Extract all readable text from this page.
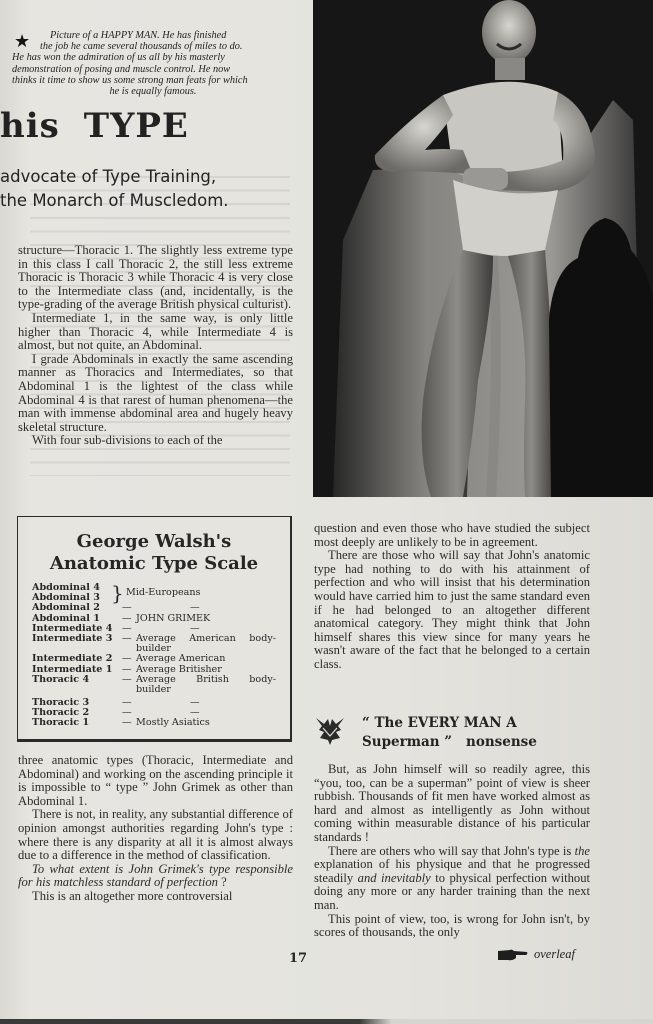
★	Picture of a HAPPY MAN. He has finished
the job he came several thousands of miles to do.
He has won the admiration of us all by his masterly
demonstration of posing and muscle control. He now
thinks it time to show us some strong man feats for which
he is equally famous.
his TYPE
advocate of Type Training,
the Monarch of Muscledom.

structure—Thoracic 1. The slightly less extreme type in this class I call Thoracic 2, the still less extreme Thoracic is Thoracic 3 while Thoracic 4 is very close to the Intermediate class (and, incidentally, is the type-grading of the average British physical culturist).

Intermediate 1, in the same way, is only little higher than Thoracic 4, while Intermediate 4 is almost, but not quite, an Abdominal.

I grade Abdominals in exactly the same ascending manner as Thoracics and Intermediates, so that Abdominal 1 is the lightest of the class while Abdominal 4 is that rarest of human phenomena—the man with immense abdominal area and hugely heavy skeletal structure.

With four sub-divisions to each of the

George Walsh's
Anatomic Type Scale
Abdominal 4 } Mid-Europeans
Abdominal 3
Abdominal 2 —	—
Abdominal 1 — JOHN GRIMEK
Intermediate 4 —	—
Intermediate 3 — Average American body-builder
Intermediate 2 — Average American
Intermediate 1 — Average Britisher
Thoracic 4	— Average British body-builder
Thoracic 3	—	—
Thoracic 2	—	—
Thoracic 1	— Mostly Asiatics

three anatomic types (Thoracic, Intermediate and Abdominal) and working on the ascending principle it is impossible to “ type ” John Grimek as other than Abdominal 1.

There is not, in reality, any substantial difference of opinion amongst authorities regarding John's type : where there is any disparity at all it is almost always due to a difference in the method of classification.

To what extent is John Grimek's type responsible for his matchless standard of perfection ?

This is an altogether more controversial

question and even those who have studied the subject most deeply are unlikely to be in agreement.

There are those who will say that John's anatomic type had nothing to do with his attainment of perfection and who will insist that his determination would have carried him to just the same standard even if he had belonged to an altogether different anatomical category. They might think that John himself shares this view since for many years he wasn't aware of the fact that he belonged to a certain class.

“ The EVERY MAN A
Superman ” nonsense

But, as John himself will so readily agree, this “you, too, can be a superman” point of view is sheer rubbish. Thousands of fit men have worked almost as hard and almost as intelligently as John without coming within measurable distance of his particular standards !

There are others who will say that John's type is the explanation of his physique and that he progressed steadily and inevitably to physical perfection without doing any more or any harder training than the next man.

This point of view, too, is wrong for John isn't, by scores of thousands, the only

17	overleaf
